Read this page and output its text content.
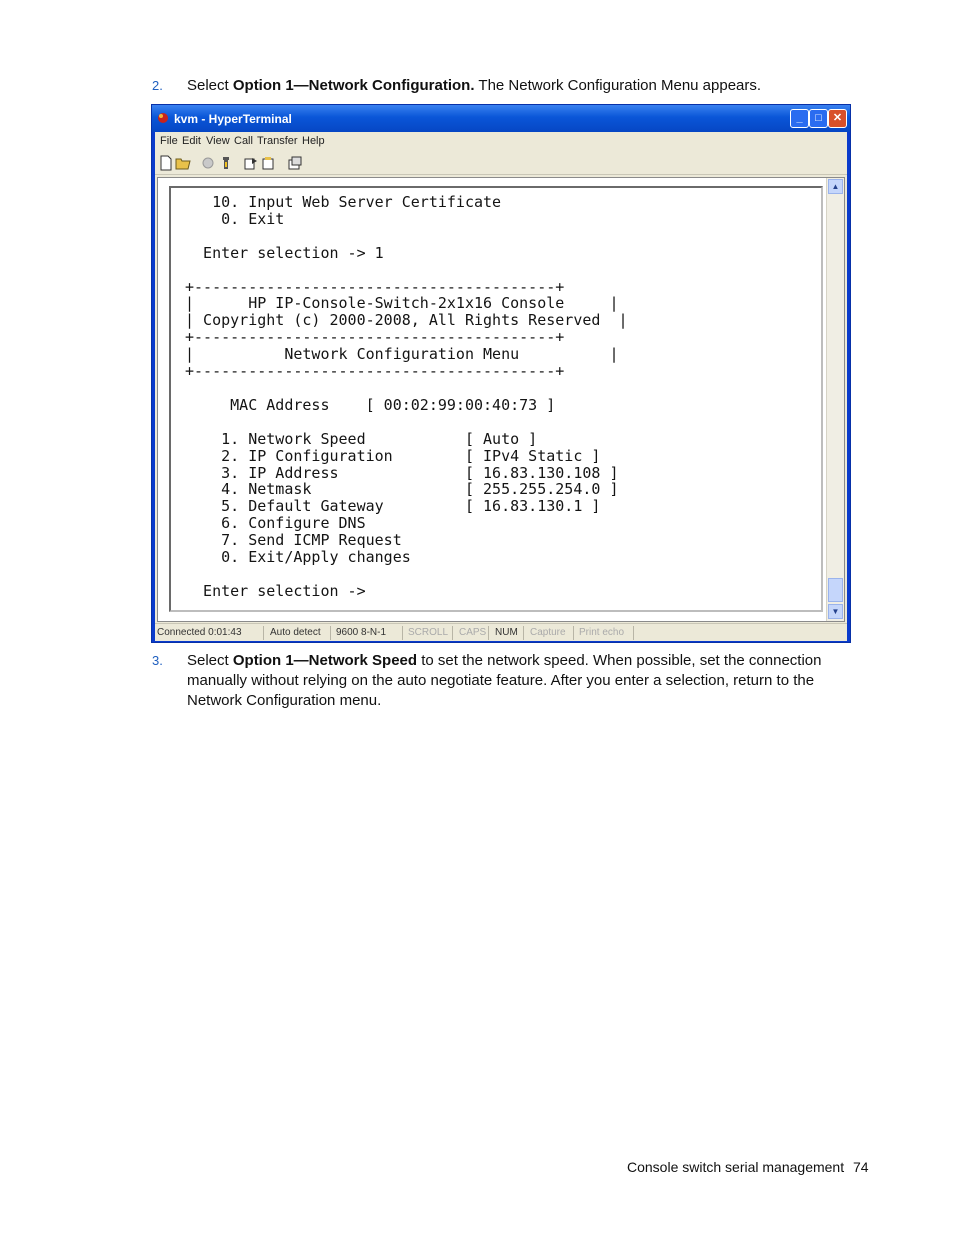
2. Select Option 1—Network Configuration. The Network Configuration Menu appears.
kvm - HyperTerminal	_	□	✕
File Edit View Call Transfer Help
10. Input Web Server Certificate
0. Exit

Enter selection -> 1

+----------------------------------------+
|      HP IP-Console-Switch-2x1x16 Console     |
| Copyright (c) 2000-2008, All Rights Reserved  |
+----------------------------------------+
|          Network Configuration Menu          |
+----------------------------------------+

MAC Address    [ 00:02:99:00:40:73 ]

1. Network Speed           [ Auto ]
2. IP Configuration        [ IPv4 Static ]
3. IP Address              [ 16.83.130.108 ]
4. Netmask                 [ 255.255.254.0 ]
5. Default Gateway         [ 16.83.130.1 ]
6. Configure DNS
7. Send ICMP Request
0. Exit/Apply changes

Enter selection ->
▲
▼
Connected 0:01:43	Auto detect 9600 8-N-1 SCROLL CAPS NUM Capture Print echo
3. Select Option 1—Network Speed to set the network speed. When possible, set the connection manually without relying on the auto negotiate feature. After you enter a selection, return to the Network Configuration menu.
Console switch serial management 74
